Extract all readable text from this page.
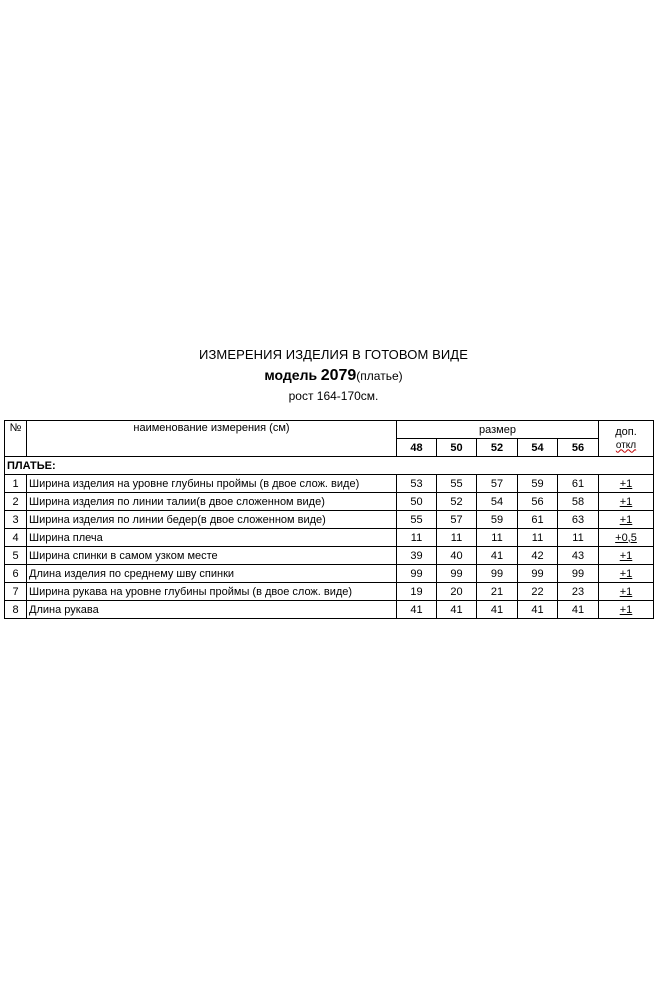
ИЗМЕРЕНИЯ ИЗДЕЛИЯ В ГОТОВОМ ВИДЕ
модель 2079(платье)
рост 164-170см.
№	наименование измерения (см)	размер					доп.
откл

		48	50	52	54	56	
ПЛАТЬЕ:							
1	Ширина изделия на уровне глубины проймы (в двое слож. виде)	53	55	57	59	61	+1
2	Ширина изделия по линии талии(в двое сложенном виде)	50	52	54	56	58	+1
3	Ширина изделия по линии бедер(в двое сложенном виде)	55	57	59	61	63	+1
4	Ширина плеча	11	11	11	11	11	+0,5
5	Ширина спинки в самом узком месте	39	40	41	42	43	+1
6	Длина изделия по среднему шву спинки	99	99	99	99	99	+1
7	Ширина рукава на уровне глубины проймы (в двое слож. виде)	19	20	21	22	23	+1
8	Длина рукава	41	41	41	41	41	+1
